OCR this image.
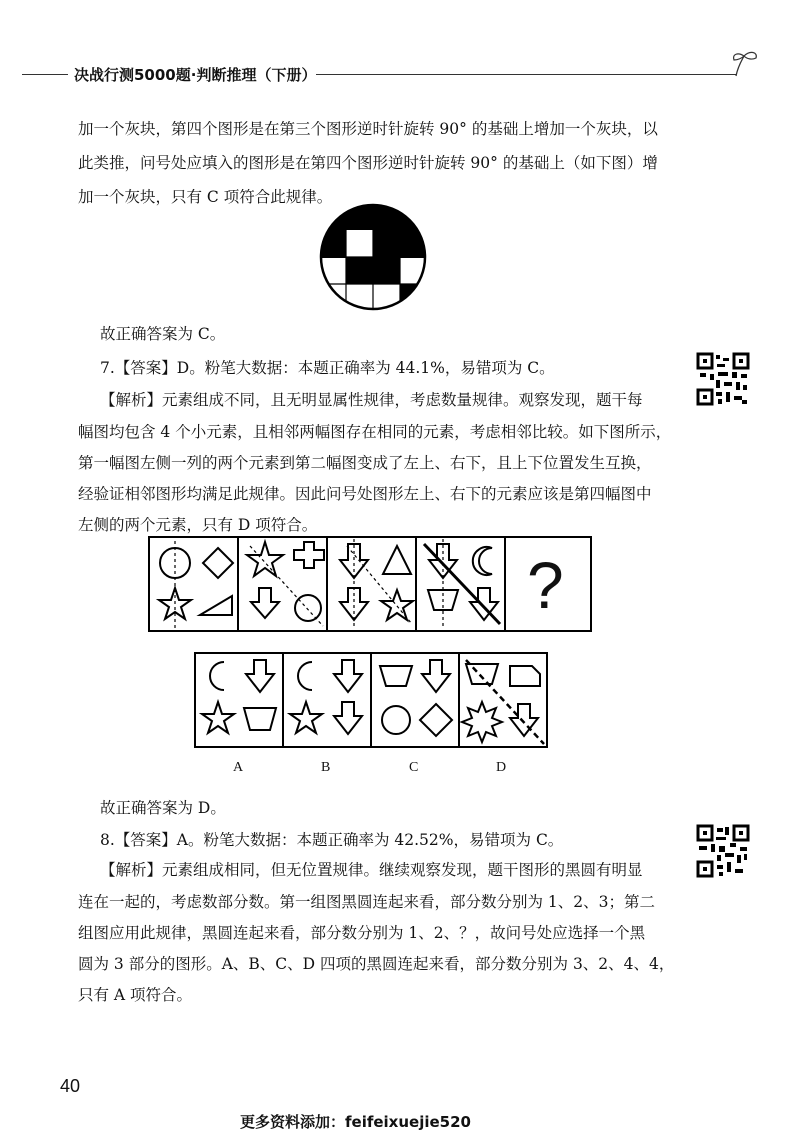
决战行测5000题·判断推理（下册）
加一个灰块，第四个图形是在第三个图形逆时针旋转 90° 的基础上增加一个灰块，以
此类推，问号处应填入的图形是在第四个图形逆时针旋转 90° 的基础上（如下图）增
加一个灰块，只有 C 项符合此规律。
故正确答案为 C。
7.【答案】D。粉笔大数据：本题正确率为 44.1%，易错项为 C。
【解析】元素组成不同，且无明显属性规律，考虑数量规律。观察发现，题干每
幅图均包含 4 个小元素，且相邻两幅图存在相同的元素，考虑相邻比较。如下图所示，
第一幅图左侧一列的两个元素到第二幅图变成了左上、右下，且上下位置发生互换，
经验证相邻图形均满足此规律。因此问号处图形左上、右下的元素应该是第四幅图中
左侧的两个元素，只有 D 项符合。
?
A	B	C	D
故正确答案为 D。
8.【答案】A。粉笔大数据：本题正确率为 42.52%，易错项为 C。
【解析】元素组成相同，但无位置规律。继续观察发现，题干图形的黑圆有明显
连在一起的，考虑数部分数。第一组图黑圆连起来看，部分数分别为 1、2、3；第二
组图应用此规律，黑圆连起来看，部分数分别为 1、2、？，故问号处应选择一个黑
圆为 3 部分的图形。A、B、C、D 四项的黑圆连起来看，部分数分别为 3、2、4、4，
只有 A 项符合。
40
更多资料添加：feifeixuejie520
